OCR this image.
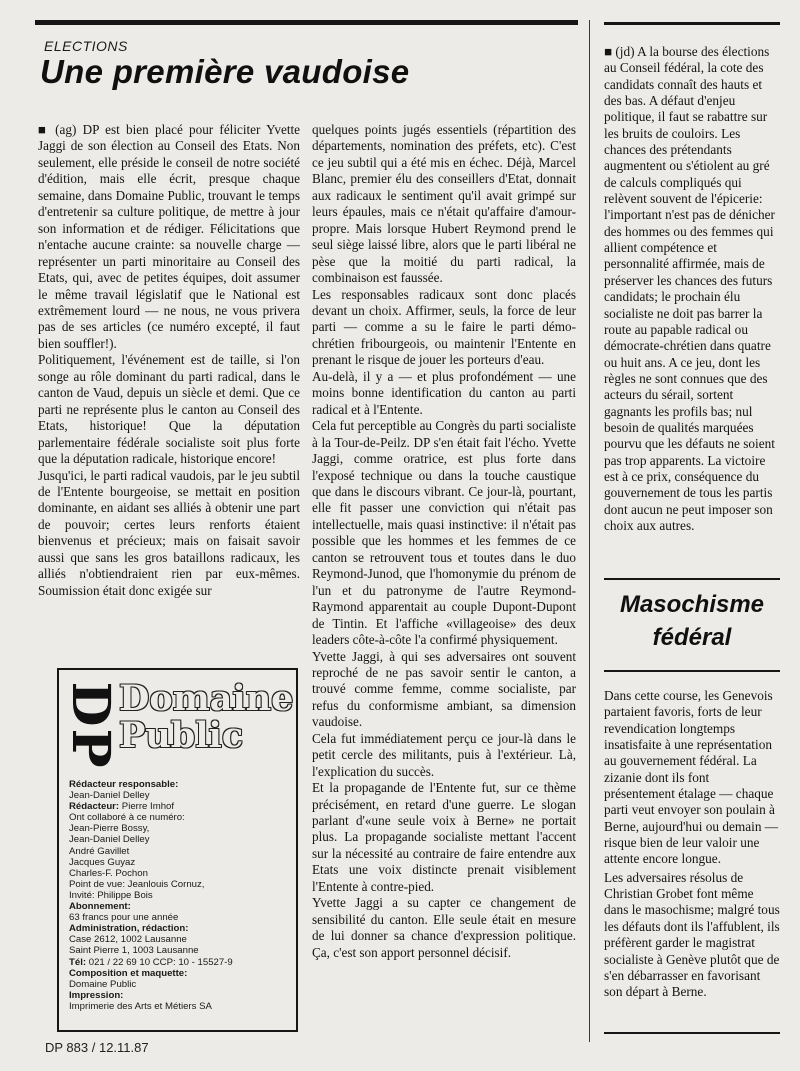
ELECTIONS
Une première vaudoise

■ (ag) DP est bien placé pour féliciter Yvette Jaggi de son élection au Conseil des Etats. Non seulement, elle préside le conseil de notre société d'édition, mais elle écrit, presque chaque semaine, dans Domaine Public, trouvant le temps d'entretenir sa culture politique, de mettre à jour son information et de rédiger. Félicitations que n'entache aucune crainte: sa nouvelle charge — représenter un parti minoritaire au Conseil des Etats, qui, avec de petites équipes, doit assumer le même travail législatif que le National est extrêmement lourd — ne nous, ne vous privera pas de ses articles (ce numéro excepté, il faut bien souffler!).

Politiquement, l'événement est de taille, si l'on songe au rôle dominant du parti radical, dans le canton de Vaud, depuis un siècle et demi. Que ce parti ne représente plus le canton au Conseil des Etats, historique! Que la députation parlementaire fédérale socialiste soit plus forte que la députation radicale, historique encore!

Jusqu'ici, le parti radical vaudois, par le jeu subtil de l'Entente bourgeoise, se mettait en position dominante, en aidant ses alliés à obtenir une part de pouvoir; certes leurs renforts étaient bienvenus et précieux; mais on faisait savoir aussi que sans les gros bataillons radicaux, les alliés n'obtiendraient rien par eux-mêmes. Soumission était donc exigée sur

quelques points jugés essentiels (répartition des départements, nomination des préfets, etc). C'est ce jeu subtil qui a été mis en échec. Déjà, Marcel Blanc, premier élu des conseillers d'Etat, donnait aux radicaux le sentiment qu'il avait grimpé sur leurs épaules, mais ce n'était qu'affaire d'amour-propre. Mais lorsque Hubert Reymond prend le seul siège laissé libre, alors que le parti libéral ne pèse que la moitié du parti radical, la combinaison est faussée.

Les responsables radicaux sont donc placés devant un choix. Affirmer, seuls, la force de leur parti — comme a su le faire le parti démo-chrétien fribourgeois, ou maintenir l'Entente en prenant le risque de jouer les porteurs d'eau.

Au-delà, il y a — et plus profondément — une moins bonne identification du canton au parti radical et à l'Entente.

Cela fut perceptible au Congrès du parti socialiste à la Tour-de-Peilz. DP s'en était fait l'écho. Yvette Jaggi, comme oratrice, est plus forte dans l'exposé technique ou dans la touche caustique que dans le discours vibrant. Ce jour-là, pourtant, elle fit passer une conviction qui n'était pas intellectuelle, mais quasi instinctive: il n'était pas possible que les hommes et les femmes de ce canton se retrouvent tous et toutes dans le duo Reymond-Junod, que l'homonymie du prénom de l'un et du patronyme de l'autre Reymond-Raymond apparentait au couple Dupont-Dupont de Tintin. Et l'affiche «villageoise» des deux leaders côte-à-côte l'a confirmé physiquement.

Yvette Jaggi, à qui ses adversaires ont souvent reproché de ne pas savoir sentir le canton, a trouvé comme femme, comme socialiste, par refus du conformisme ambiant, sa dimension vaudoise.

Cela fut immédiatement perçu ce jour-là dans le petit cercle des militants, puis à l'extérieur. Là, l'explication du succès.

Et la propagande de l'Entente fut, sur ce thème précisément, en retard d'une guerre. Le slogan parlant d'«une seule voix à Berne» ne portait plus. La propagande socialiste mettant l'accent sur la nécessité au contraire de faire entendre aux Etats une voix distincte prenait visiblement l'Entente à contre-pied.

Yvette Jaggi a su capter ce changement de sensibilité du canton. Elle seule était en mesure de lui donner sa chance d'expression politique. Ça, c'est son apport personnel décisif.

D
P
Domaine
Public
Rédacteur responsable:
Jean-Daniel Delley
Rédacteur: Pierre Imhof
Ont collaboré à ce numéro:
Jean-Pierre Bossy,
Jean-Daniel Delley
André Gavillet
Jacques Guyaz
Charles-F. Pochon
Point de vue: Jeanlouis Cornuz,
Invité: Philippe Bois
Abonnement:
63 francs pour une année
Administration, rédaction:
Case 2612, 1002 Lausanne
Saint Pierre 1, 1003 Lausanne
Tél: 021 / 22 69 10 CCP: 10 - 15527-9
Composition et maquette:
Domaine Public
Impression:
Imprimerie des Arts et Métiers SA

■ (jd) A la bourse des élections au Conseil fédéral, la cote des candidats connaît des hauts et des bas. A défaut d'enjeu politique, il faut se rabattre sur les bruits de couloirs. Les chances des prétendants augmentent ou s'étiolent au gré de calculs compliqués qui relèvent souvent de l'épicerie: l'important n'est pas de dénicher des hommes ou des femmes qui allient compétence et personnalité affirmée, mais de préserver les chances des futurs candidats; le prochain élu socialiste ne doit pas barrer la route au papable radical ou démocrate-chrétien dans quatre ou huit ans. A ce jeu, dont les règles ne sont connues que des acteurs du sérail, sortent gagnants les profils bas; nul besoin de qualités marquées pourvu que les défauts ne soient pas trop apparents. La victoire est à ce prix, conséquence du gouvernement de tous les partis dont aucun ne peut imposer son choix aux autres.

Masochisme
fédéral

Dans cette course, les Genevois partaient favoris, forts de leur revendication longtemps insatisfaite à une représentation au gouvernement fédéral. La zizanie dont ils font présentement étalage — chaque parti veut envoyer son poulain à Berne, aujourd'hui ou demain — risque bien de leur valoir une attente encore longue.

Les adversaires résolus de Christian Grobet font même dans le masochisme; malgré tous les défauts dont ils l'affublent, ils préfèrent garder le magistrat socialiste à Genève plutôt que de s'en débarrasser en favorisant son départ à Berne.

DP 883 / 12.11.87
